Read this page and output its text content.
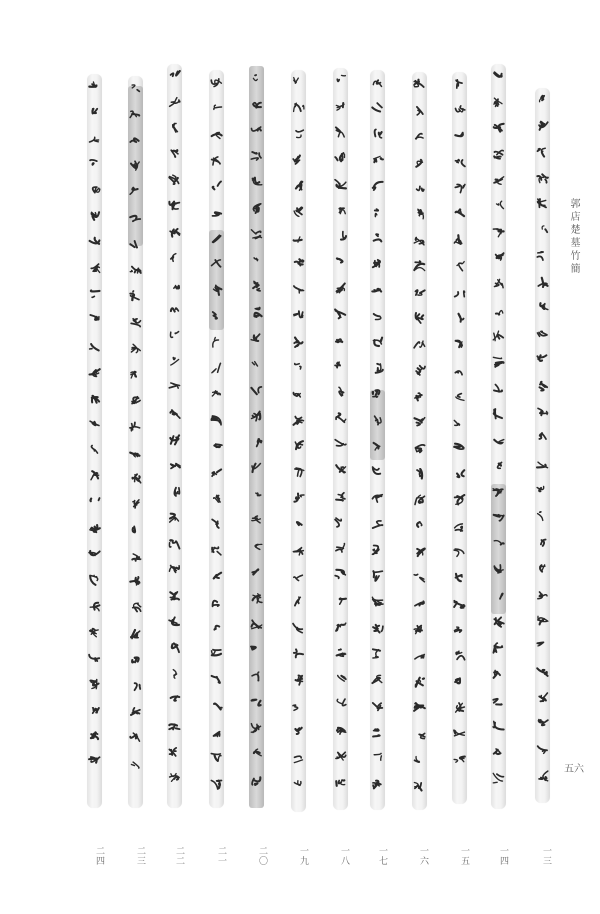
郭店楚墓竹簡
五六
一三
一四
一五
一六
一七
一八
一九
二〇
二一
二二
二三
二四
